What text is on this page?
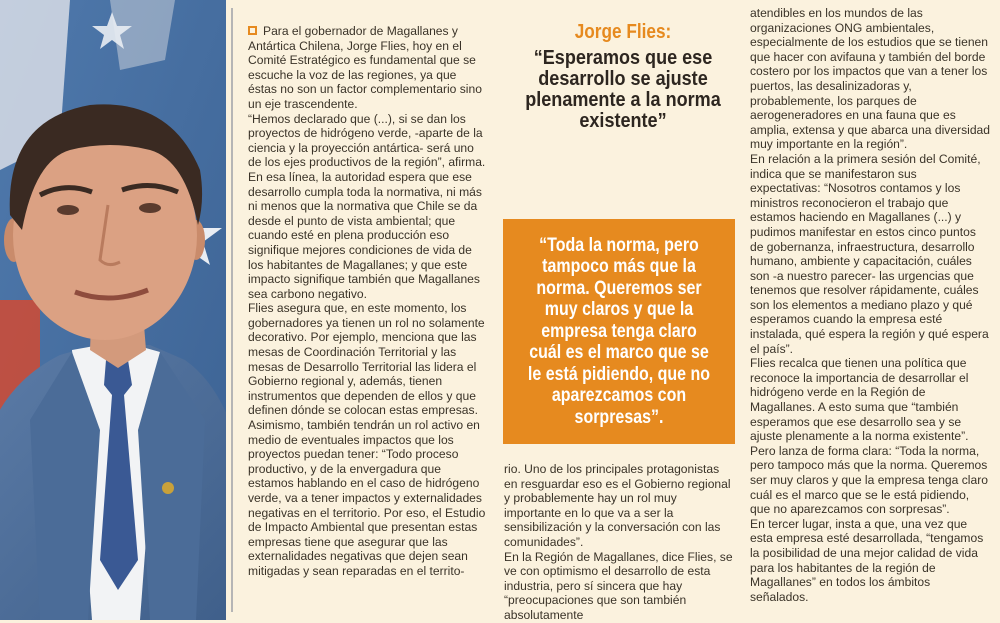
Para el gobernador de Magallanes y Antártica Chilena, Jorge Flies, hoy en el Comité Estratégico es fundamental que se escuche la voz de las regiones, ya que éstas no son un factor complementario sino un eje trascendente.

“Hemos declarado que (...), si se dan los proyectos de hidrógeno verde, -aparte de la ciencia y la proyección antártica- será uno de los ejes productivos de la región”, afirma. En esa línea, la autoridad espera que ese desarrollo cumpla toda la normativa, ni más ni menos que la normativa que Chile se da desde el punto de vista ambiental; que cuando esté en plena producción eso signifique mejores condiciones de vida de los habitantes de Magallanes; y que este impacto signifique también que Magallanes sea carbono negativo.

Flies asegura que, en este momento, los gobernadores ya tienen un rol no solamente decorativo. Por ejemplo, menciona que las mesas de Coordinación Territorial y las mesas de Desarrollo Territorial las lidera el Gobierno regional y, además, tienen instrumentos que dependen de ellos y que definen dónde se colocan estas empresas. Asimismo, también tendrán un rol activo en medio de eventuales impactos que los proyectos puedan tener: “Todo proceso productivo, y de la envergadura que estamos hablando en el caso de hidrógeno verde, va a tener impactos y externalidades negativas en el territorio. Por eso, el Estudio de Impacto Ambiental que presentan estas empresas tiene que asegurar que las externalidades negativas que dejen sean mitigadas y sean reparadas en el territo-

Jorge Flies:
“Esperamos que ese desarrollo se ajuste plenamente a la norma existente”
“Toda la norma, pero tampoco más que la norma. Queremos ser muy claros y que la empresa tenga claro cuál es el marco que se le está pidiendo, que no aparezcamos con sorpresas”.

rio. Uno de los principales protagonistas en resguardar eso es el Gobierno regional y probablemente hay un rol muy importante en lo que va a ser la sensibilización y la conversación con las comunidades”.

En la Región de Magallanes, dice Flies, se ve con optimismo el desarrollo de esta industria, pero sí sincera que hay “preocupaciones que son también absolutamente

atendibles en los mundos de las organizaciones ONG ambientales, especialmente de los estudios que se tienen que hacer con avifauna y también del borde costero por los impactos que van a tener los puertos, las desalinizadoras y, probablemente, los parques de aerogeneradores en una fauna que es amplia, extensa y que abarca una diversidad muy importante en la región”.

En relación a la primera sesión del Comité, indica que se manifestaron sus expectativas: “Nosotros contamos y los ministros reconocieron el trabajo que estamos haciendo en Magallanes (...) y pudimos manifestar en estos cinco puntos de gobernanza, infraestructura, desarrollo humano, ambiente y capacitación, cuáles son -a nuestro parecer- las urgencias que tenemos que resolver rápidamente, cuáles son los elementos a mediano plazo y qué esperamos cuando la empresa esté instalada, qué espera la región y qué espera el país”.

Flies recalca que tienen una política que reconoce la importancia de desarrollar el hidrógeno verde en la Región de Magallanes. A esto suma que “también esperamos que ese desarrollo sea y se ajuste plenamente a la norma existente”.

Pero lanza de forma clara: “Toda la norma, pero tampoco más que la norma. Queremos ser muy claros y que la empresa tenga claro cuál es el marco que se le está pidiendo, que no aparezcamos con sorpresas”.

En tercer lugar, insta a que, una vez que esta empresa esté desarrollada, “tengamos la posibilidad de una mejor calidad de vida para los habitantes de la región de Magallanes” en todos los ámbitos señalados.
